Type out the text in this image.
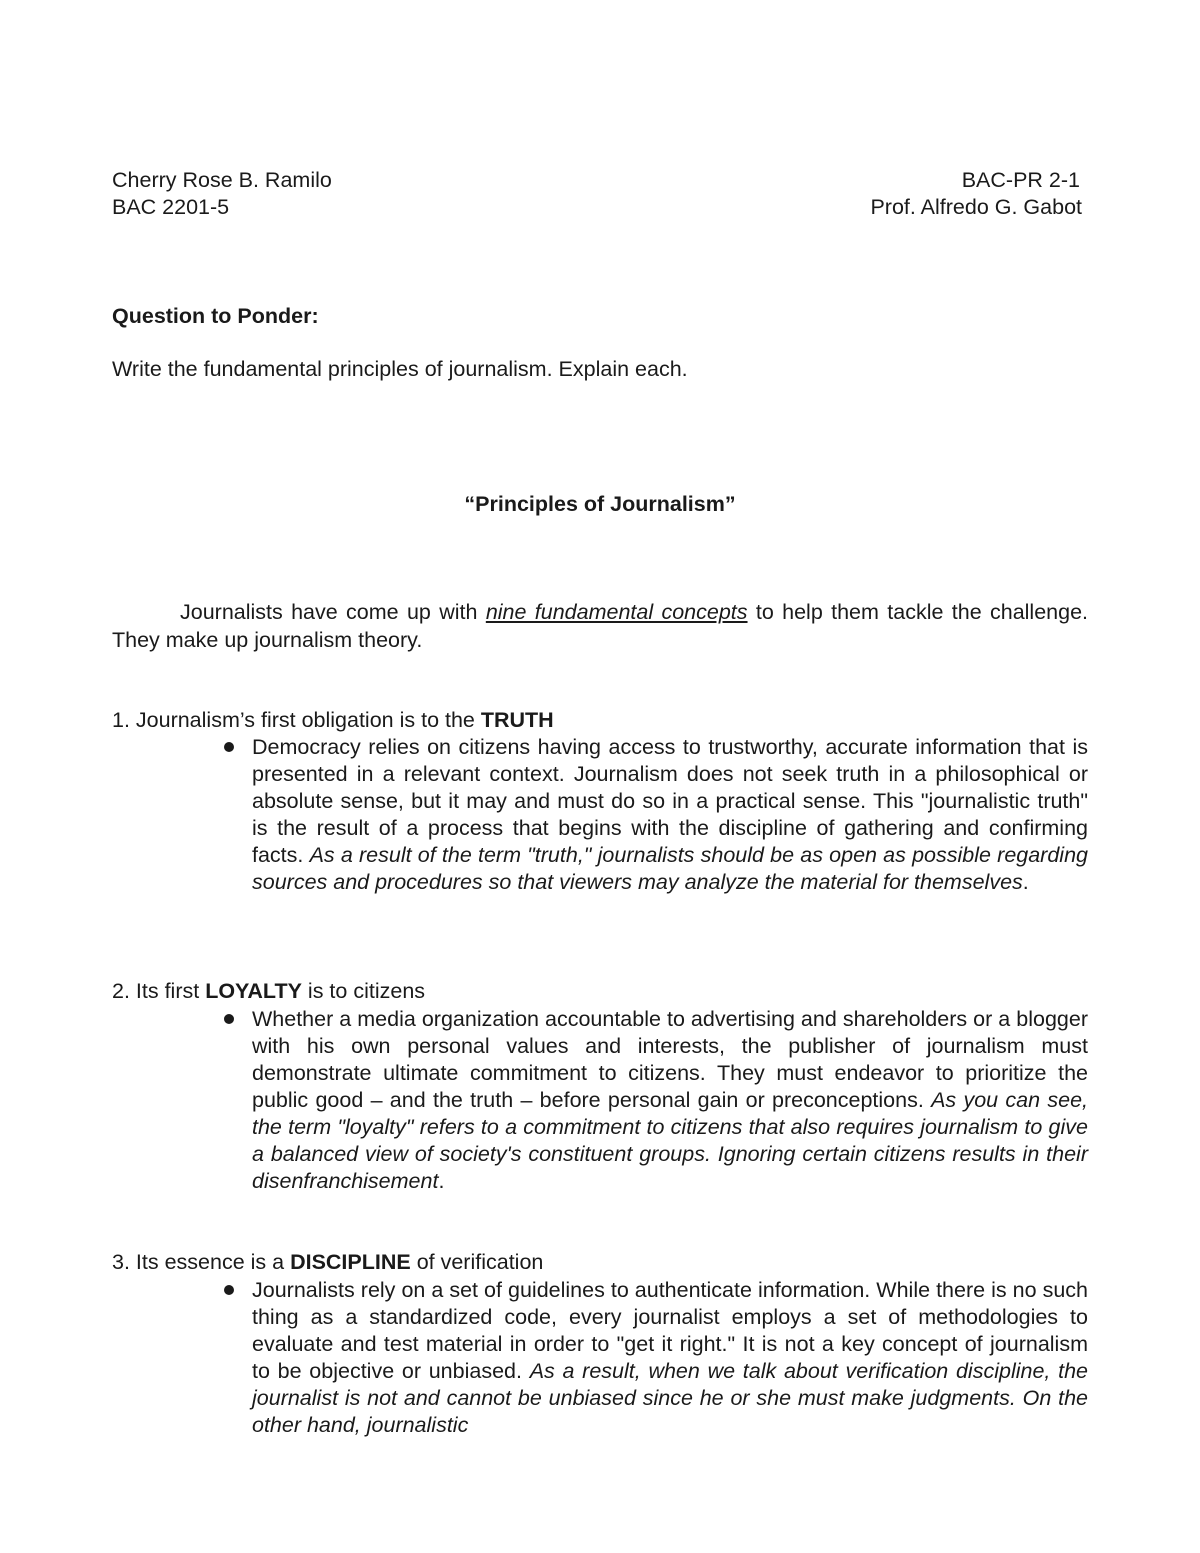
Cherry Rose B. Ramilo
BAC 2201-5
BAC-PR 2-1
Prof. Alfredo G. Gabot
Question to Ponder:
Write the fundamental principles of journalism. Explain each.
“Principles of Journalism”
Journalists have come up with nine fundamental concepts to help them tackle the challenge. They make up journalism theory.
1. Journalism’s first obligation is to the TRUTH
Democracy relies on citizens having access to trustworthy, accurate information that is presented in a relevant context. Journalism does not seek truth in a philosophical or absolute sense, but it may and must do so in a practical sense. This "journalistic truth" is the result of a process that begins with the discipline of gathering and confirming facts. As a result of the term "truth," journalists should be as open as possible regarding sources and procedures so that viewers may analyze the material for themselves.
2. Its first LOYALTY is to citizens
Whether a media organization accountable to advertising and shareholders or a blogger with his own personal values and interests, the publisher of journalism must demonstrate ultimate commitment to citizens. They must endeavor to prioritize the public good – and the truth – before personal gain or preconceptions. As you can see, the term "loyalty" refers to a commitment to citizens that also requires journalism to give a balanced view of society's constituent groups. Ignoring certain citizens results in their disenfranchisement.
3. Its essence is a DISCIPLINE of verification
Journalists rely on a set of guidelines to authenticate information. While there is no such thing as a standardized code, every journalist employs a set of methodologies to evaluate and test material in order to "get it right." It is not a key concept of journalism to be objective or unbiased. As a result, when we talk about verification discipline, the journalist is not and cannot be unbiased since he or she must make judgments. On the other hand, journalistic
